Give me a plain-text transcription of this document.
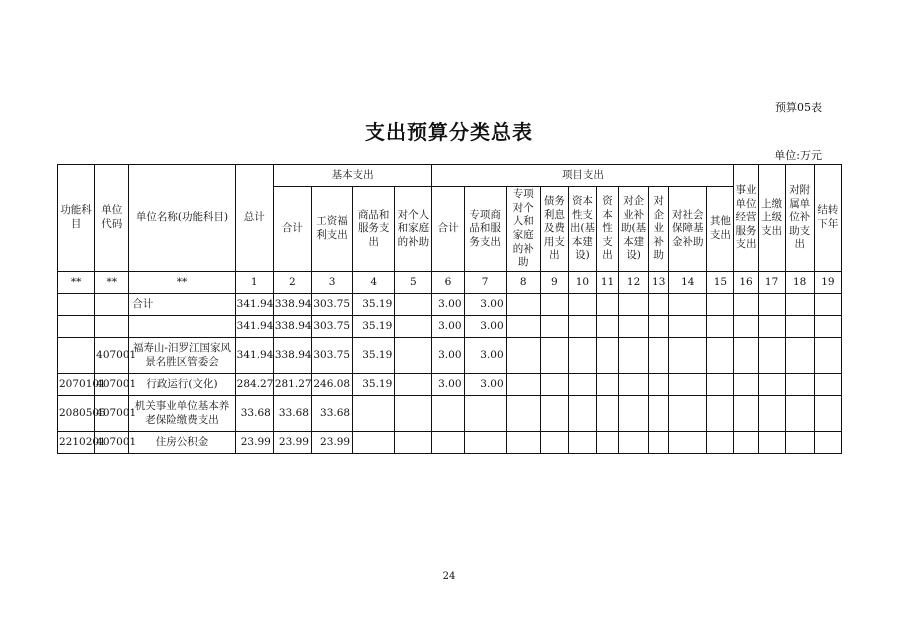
预算05表
支出预算分类总表
单位:万元
功能科目	单位代码	单位名称(功能科目)	总计	基本支出				项目支出										事业单位经营服务支出	上缴上级支出	对附属单位补助支出	结转下年
				合计	工资福利支出	商品和服务支出	对个人和家庭的补助	合计	专项商品和服务支出	专项对个人和家庭的补助	债务利息及费用支出	资本性支出(基本建设)	资本性支出	对企业补助(基本建设)	对企业补助	对社会保障基金补助	其他支出				
**	**	**	1	2	3	4	5	6	7	8	9	10	11	12	13	14	15	16	17	18	19
		合计	341.94	338.94	303.75	35.19		3.00	3.00												
			341.94	338.94	303.75	35.19		3.00	3.00												
	407001	福寿山-汨罗江国家风景名胜区管委会	341.94	338.94	303.75	35.19		3.00	3.00												
2070101	407001	行政运行(文化)	284.27	281.27	246.08	35.19		3.00	3.00												
2080505	407001	机关事业单位基本养老保险缴费支出	33.68	33.68	33.68																
2210201	407001	住房公积金	23.99	23.99	23.99																
24
